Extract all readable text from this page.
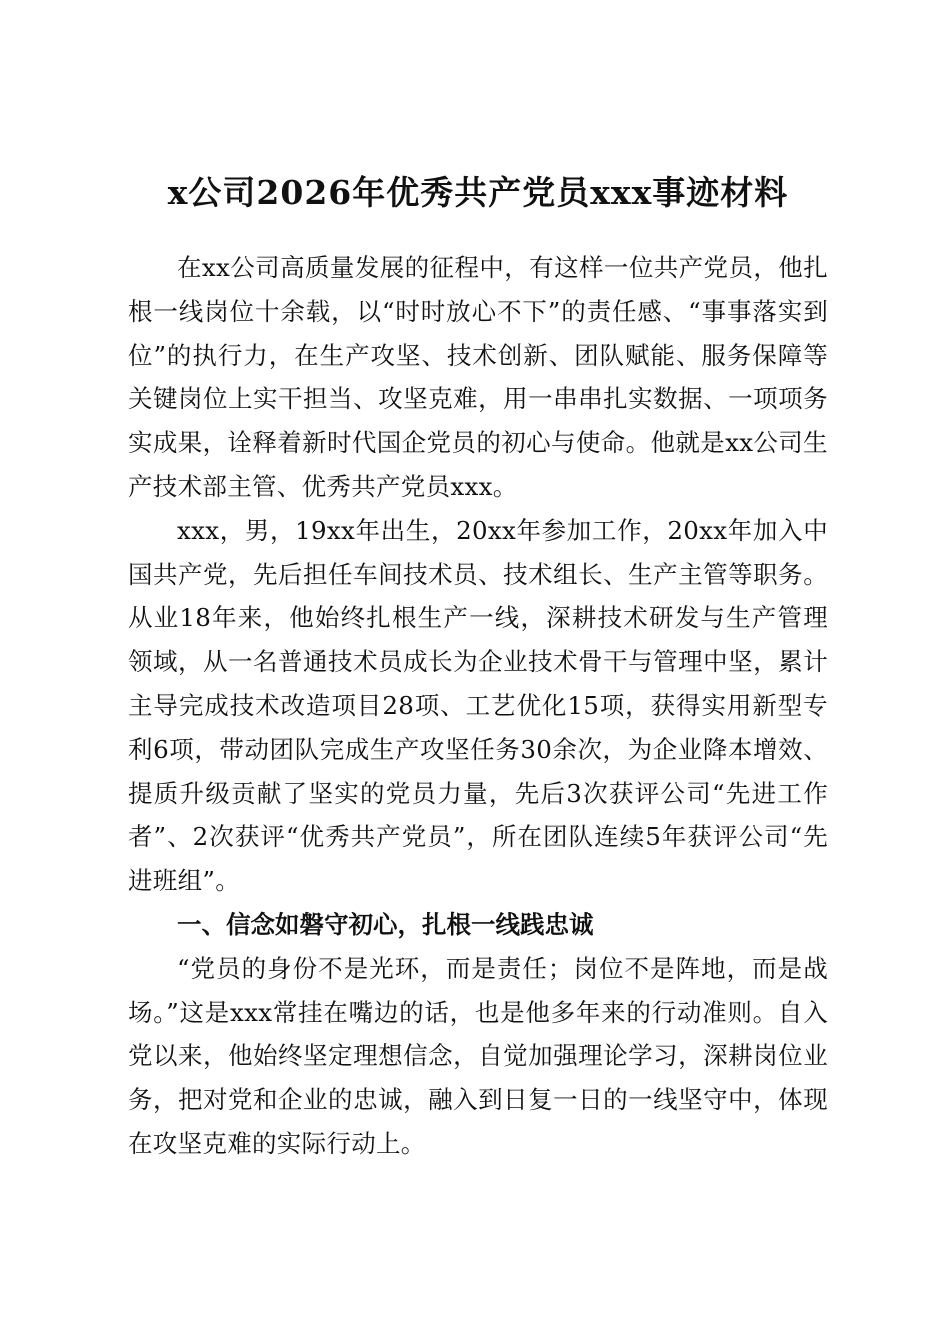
x公司2026年优秀共产党员xxx事迹材料

在xx公司高质量发展的征程中，有这样一位共产党员，他扎根一线岗位十余载，以“时时放心不下”的责任感、“事事落实到位”的执行力，在生产攻坚、技术创新、团队赋能、服务保障等关键岗位上实干担当、攻坚克难，用一串串扎实数据、一项项务实成果，诠释着新时代国企党员的初心与使命。他就是xx公司生产技术部主管、优秀共产党员xxx。

xxx，男，19xx年出生，20xx年参加工作，20xx年加入中国共产党，先后担任车间技术员、技术组长、生产主管等职务。从业18年来，他始终扎根生产一线，深耕技术研发与生产管理领域，从一名普通技术员成长为企业技术骨干与管理中坚，累计主导完成技术改造项目28项、工艺优化15项，获得实用新型专利6项，带动团队完成生产攻坚任务30余次，为企业降本增效、提质升级贡献了坚实的党员力量，先后3次获评公司“先进工作者”、2次获评“优秀共产党员”，所在团队连续5年获评公司“先进班组”。

一、信念如磐守初心，扎根一线践忠诚

“党员的身份不是光环，而是责任；岗位不是阵地，而是战场。”这是xxx常挂在嘴边的话，也是他多年来的行动准则。自入党以来，他始终坚定理想信念，自觉加强理论学习，深耕岗位业务，把对党和企业的忠诚，融入到日复一日的一线坚守中，体现在攻坚克难的实际行动上。
